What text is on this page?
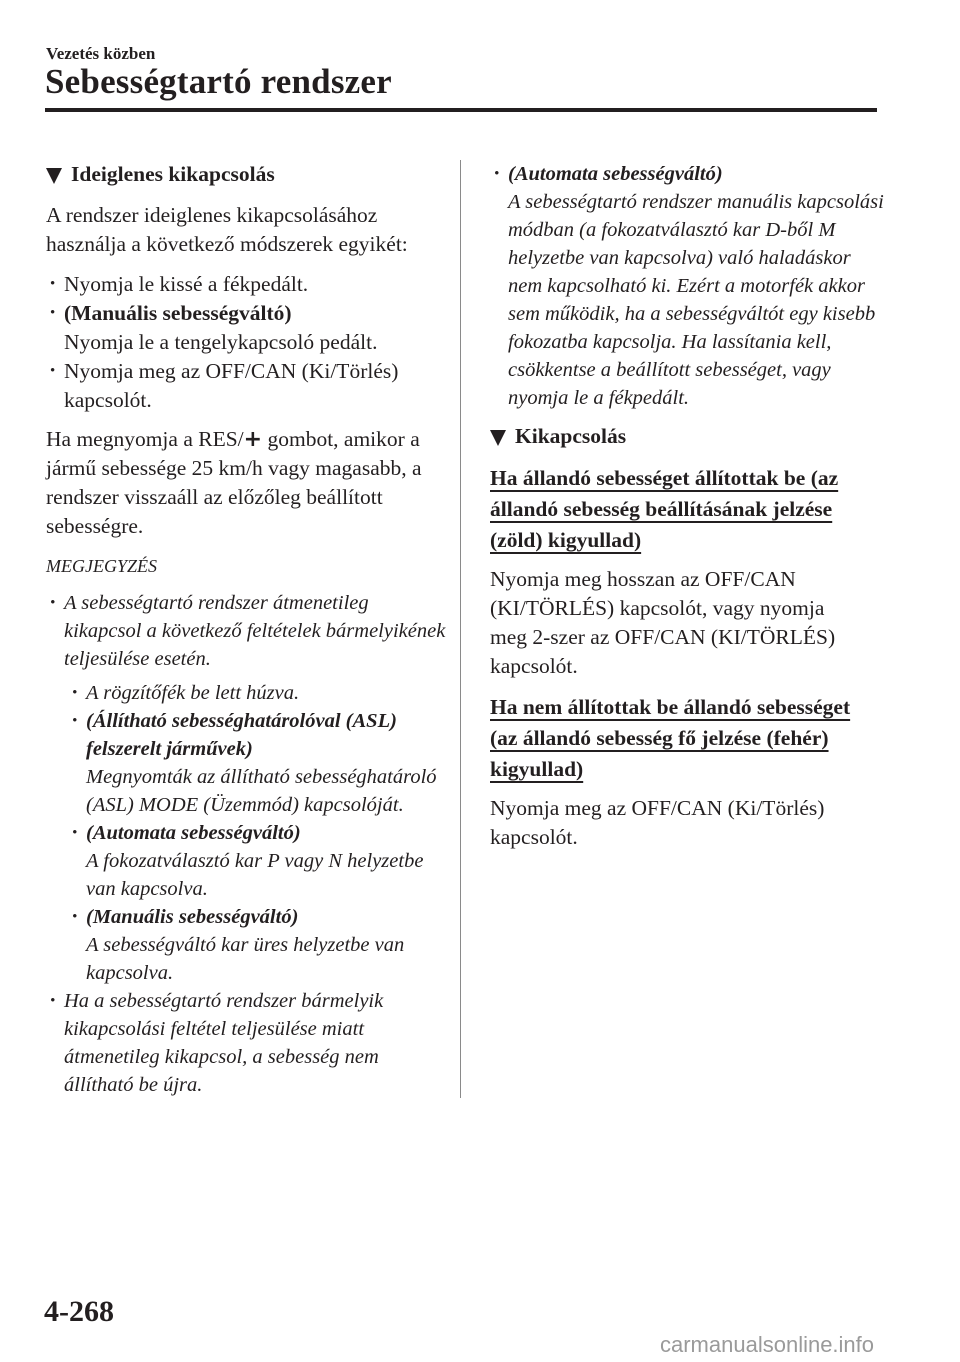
Vezetés közben
Sebességtartó rendszer
Ideiglenes kikapcsolás

A rendszer ideiglenes kikapcsolásához használja a következő módszerek egyikét:

• Nyomja le kissé a fékpedált.
• (Manuális sebességváltó)
Nyomja le a tengelykapcsoló pedált.
• Nyomja meg az OFF/CAN (Ki/Törlés) kapcsolót.

Ha megnyomja a RES/+ gombot, amikor a jármű sebessége 25 km/h vagy magasabb, a rendszer visszaáll az előzőleg beállított sebességre.

MEGJEGYZÉS
• A sebességtartó rendszer átmenetileg kikapcsol a következő feltételek bármelyikének teljesülése esetén.
• A rögzítőfék be lett húzva.
• (Állítható sebességhatárolóval (ASL) felszerelt járművek)
Megnyomták az állítható sebességhatároló (ASL) MODE (Üzemmód) kapcsolóját.
• (Automata sebességváltó)
A fokozatválasztó kar P vagy N helyzetbe van kapcsolva.
• (Manuális sebességváltó)
A sebességváltó kar üres helyzetbe van kapcsolva.
• Ha a sebességtartó rendszer bármelyik kikapcsolási feltétel teljesülése miatt átmenetileg kikapcsol, a sebesség nem állítható be újra.
• (Automata sebességváltó)
A sebességtartó rendszer manuális kapcsolási módban (a fokozatválasztó kar D-ből M helyzetbe van kapcsolva) való haladáskor nem kapcsolható ki. Ezért a motorfék akkor sem működik, ha a sebességváltót egy kisebb fokozatba kapcsolja. Ha lassítania kell, csökkentse a beállított sebességet, vagy nyomja le a fékpedált.
Kikapcsolás
Ha állandó sebességet állítottak be (az állandó sebesség beállításának jelzése (zöld) kigyullad)

Nyomja meg hosszan az OFF/CAN (KI/TÖRLÉS) kapcsolót, vagy nyomja meg 2-szer az OFF/CAN (KI/TÖRLÉS) kapcsolót.

Ha nem állítottak be állandó sebességet (az állandó sebesség fő jelzése (fehér) kigyullad)

Nyomja meg az OFF/CAN (Ki/Törlés) kapcsolót.

4-268
carmanualsonline.info
